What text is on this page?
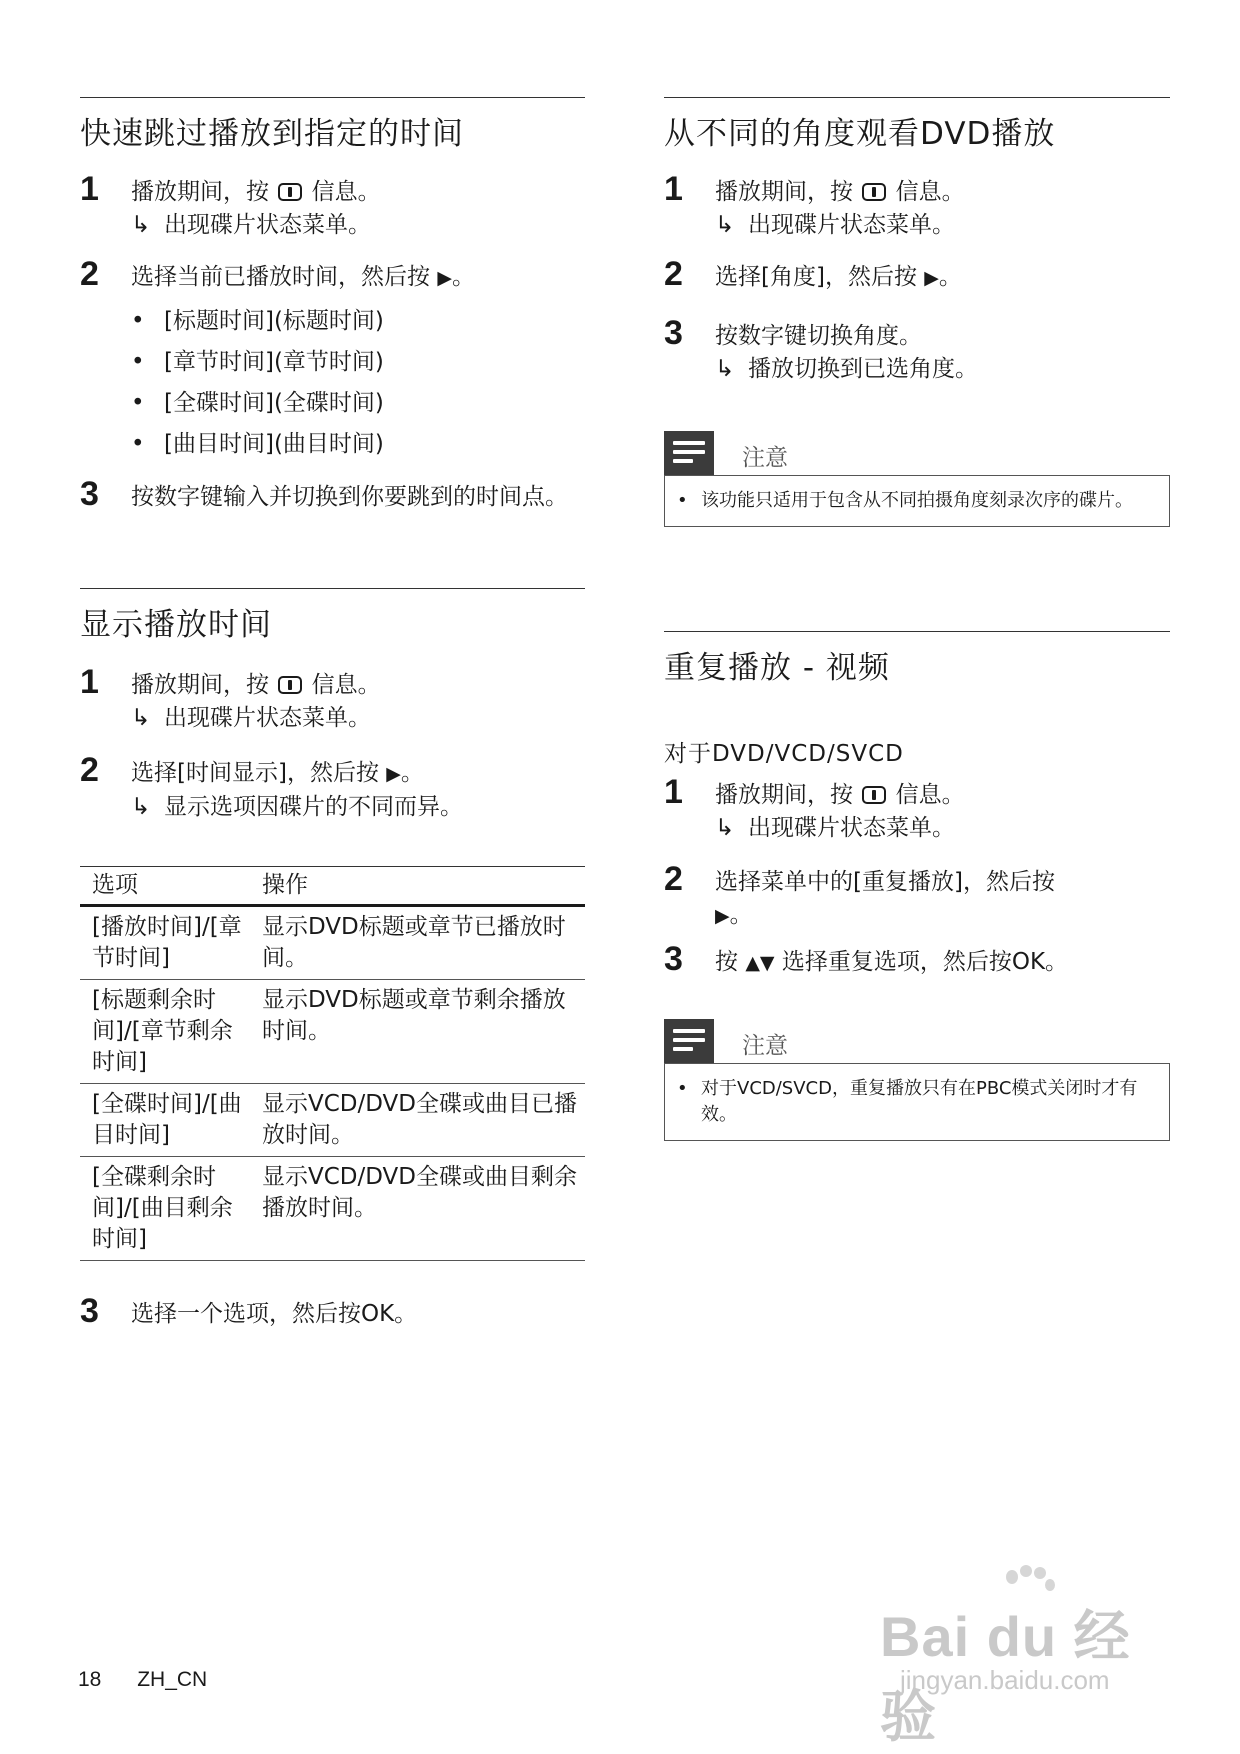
快速跳过播放到指定的时间
1 播放期间，按 信息。
↳ 出现碟片状态菜单。
2 选择当前已播放时间，然后按 ▶。
• [标题时间](标题时间)
• [章节时间](章节时间)
• [全碟时间](全碟时间)
• [曲目时间](曲目时间)
3 按数字键输入并切换到你要跳到的时间点。
显示播放时间
1 播放期间，按 信息。
↳ 出现碟片状态菜单。
2 选择[时间显示]，然后按 ▶。
↳ 显示选项因碟片的不同而异。
选项	操作
[播放时间]/[章节时间]	显示DVD标题或章节已播放时间。
[标题剩余时间]/[章节剩余时间]	显示DVD标题或章节剩余播放时间。
[全碟时间]/[曲目时间]	显示VCD/DVD全碟或曲目已播放时间。
[全碟剩余时间]/[曲目剩余时间]	显示VCD/DVD全碟或曲目剩余播放时间。
3 选择一个选项，然后按OK。
从不同的角度观看DVD播放
1 播放期间，按 信息。
↳ 出现碟片状态菜单。
2 选择[角度]，然后按 ▶。
3 按数字键切换角度。
↳ 播放切换到已选角度。
注意
• 该功能只适用于包含从不同拍摄角度刻录次序的碟片。
重复播放 - 视频
对于DVD/VCD/SVCD
1 播放期间，按 信息。
↳ 出现碟片状态菜单。
2 选择菜单中的[重复播放]，然后按
▶。
3 按 ▲▼ 选择重复选项，然后按OK。
注意
• 对于VCD/SVCD，重复播放只有在PBC模式关闭时才有效。
18 ZH_CN
Bai du 经验
jingyan.baidu.com
